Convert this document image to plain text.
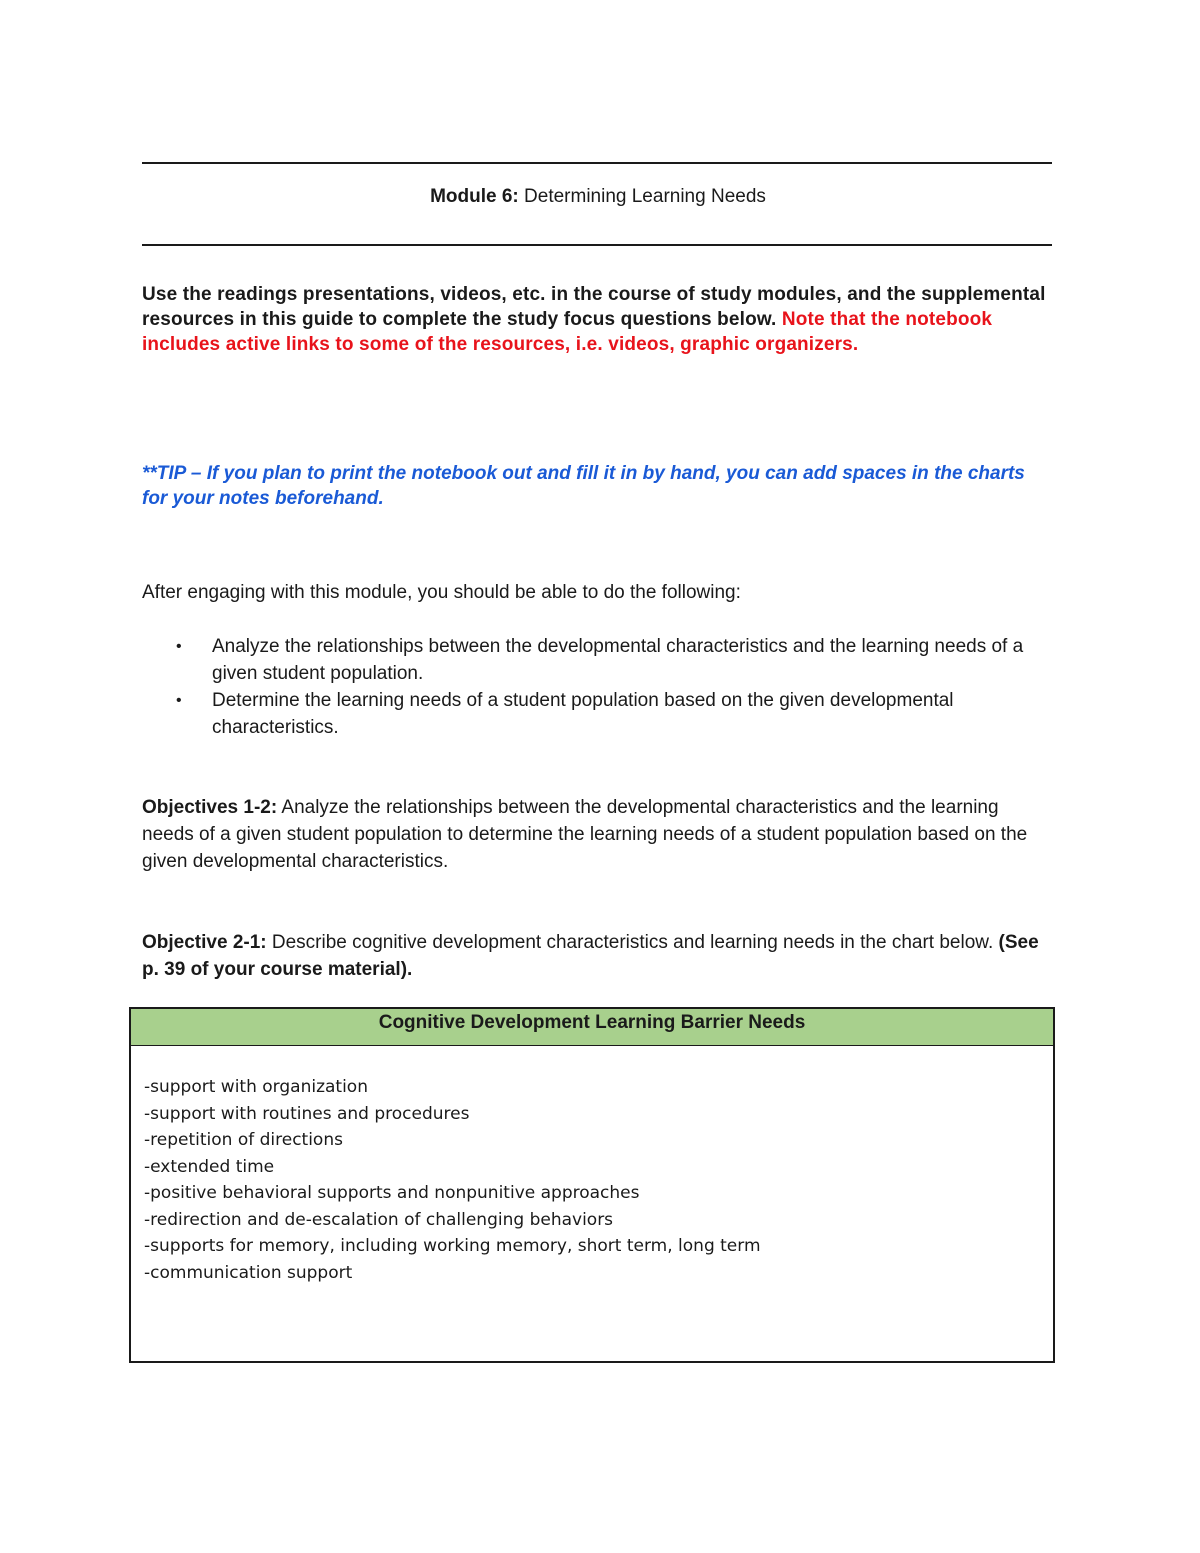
Module 6: Determining Learning Needs
Use the readings presentations, videos, etc. in the course of study modules, and the supplemental resources in this guide to complete the study focus questions below. Note that the notebook includes active links to some of the resources, i.e. videos, graphic organizers.
**TIP – If you plan to print the notebook out and fill it in by hand, you can add spaces in the charts for your notes beforehand.
After engaging with this module, you should be able to do the following:
• Analyze the relationships between the developmental characteristics and the learning needs of a given student population.
• Determine the learning needs of a student population based on the given developmental characteristics.
Objectives 1-2: Analyze the relationships between the developmental characteristics and the learning needs of a given student population to determine the learning needs of a student population based on the given developmental characteristics.
Objective 2-1: Describe cognitive development characteristics and learning needs in the chart below. (See p. 39 of your course material).
Cognitive Development Learning Barrier Needs
-support with organization
-support with routines and procedures
-repetition of directions
-extended time
-positive behavioral supports and nonpunitive approaches
-redirection and de-escalation of challenging behaviors
-supports for memory, including working memory, short term, long term
-communication support
